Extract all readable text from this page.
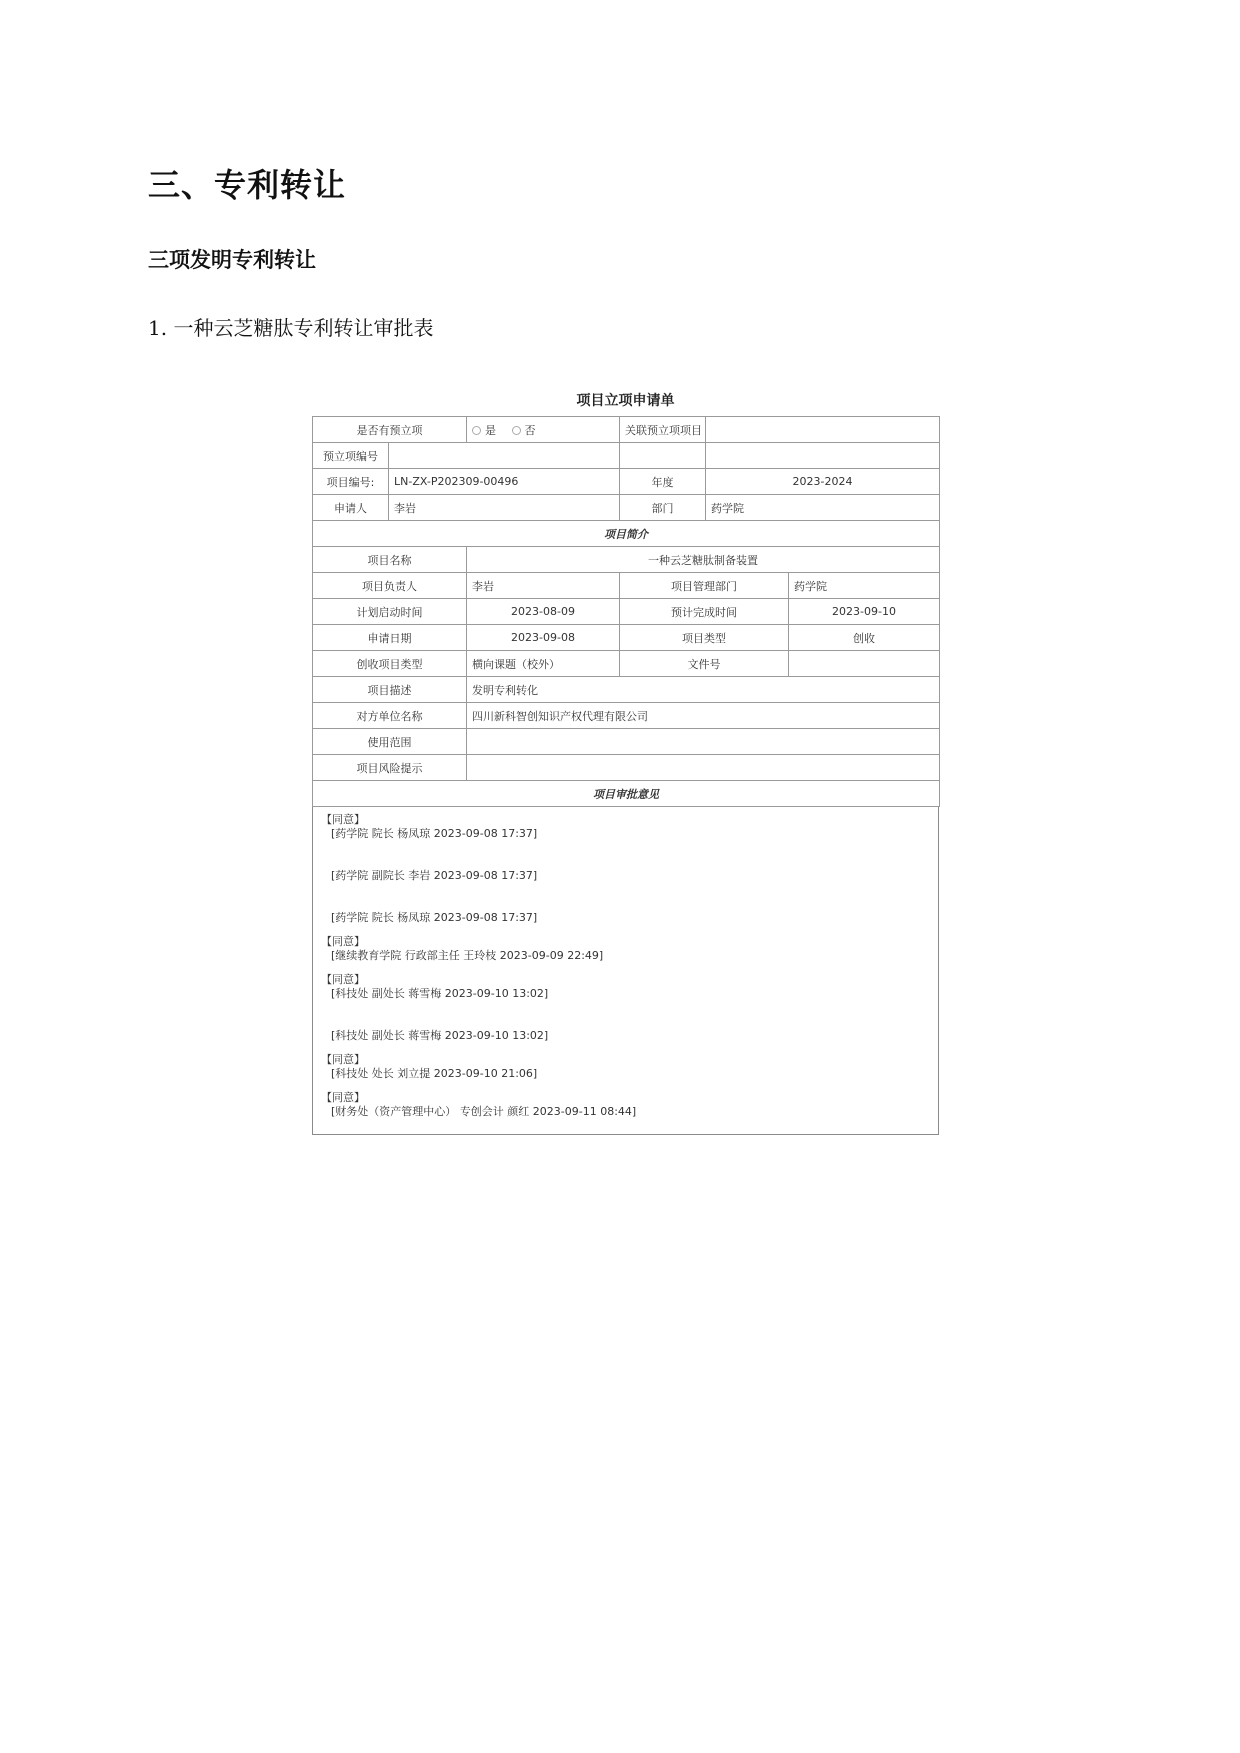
三、专利转让
三项发明专利转让
1. 一种云芝糖肽专利转让审批表
项目立项申请单
是否有预立项		是 否	关联预立项项目		
预立项编号					
项目编号:	LN-ZX-P202309-00496		年度	2023-2024	
申请人	李岩		部门	药学院	
项目简介					
项目名称		一种云芝糖肽制备装置			
项目负责人		李岩	项目管理部门		药学院
计划启动时间		2023-08-09	预计完成时间		2023-09-10
申请日期		2023-09-08	项目类型		创收
创收项目类型		横向课题（校外）	文件号		
项目描述		发明专利转化			
对方单位名称		四川新科智创知识产权代理有限公司			
使用范围					
项目风险提示					
项目审批意见					
【同意】
[药学院 院长 杨凤琼 2023-09-08 17:37]
[药学院 副院长 李岩 2023-09-08 17:37]
[药学院 院长 杨凤琼 2023-09-08 17:37]
【同意】
[继续教育学院 行政部主任 王玲枝 2023-09-09 22:49]
【同意】
[科技处 副处长 蒋雪梅 2023-09-10 13:02]
[科技处 副处长 蒋雪梅 2023-09-10 13:02]
【同意】
[科技处 处长 刘立提 2023-09-10 21:06]
【同意】
[财务处（资产管理中心） 专创会计 颜红 2023-09-11 08:44]
